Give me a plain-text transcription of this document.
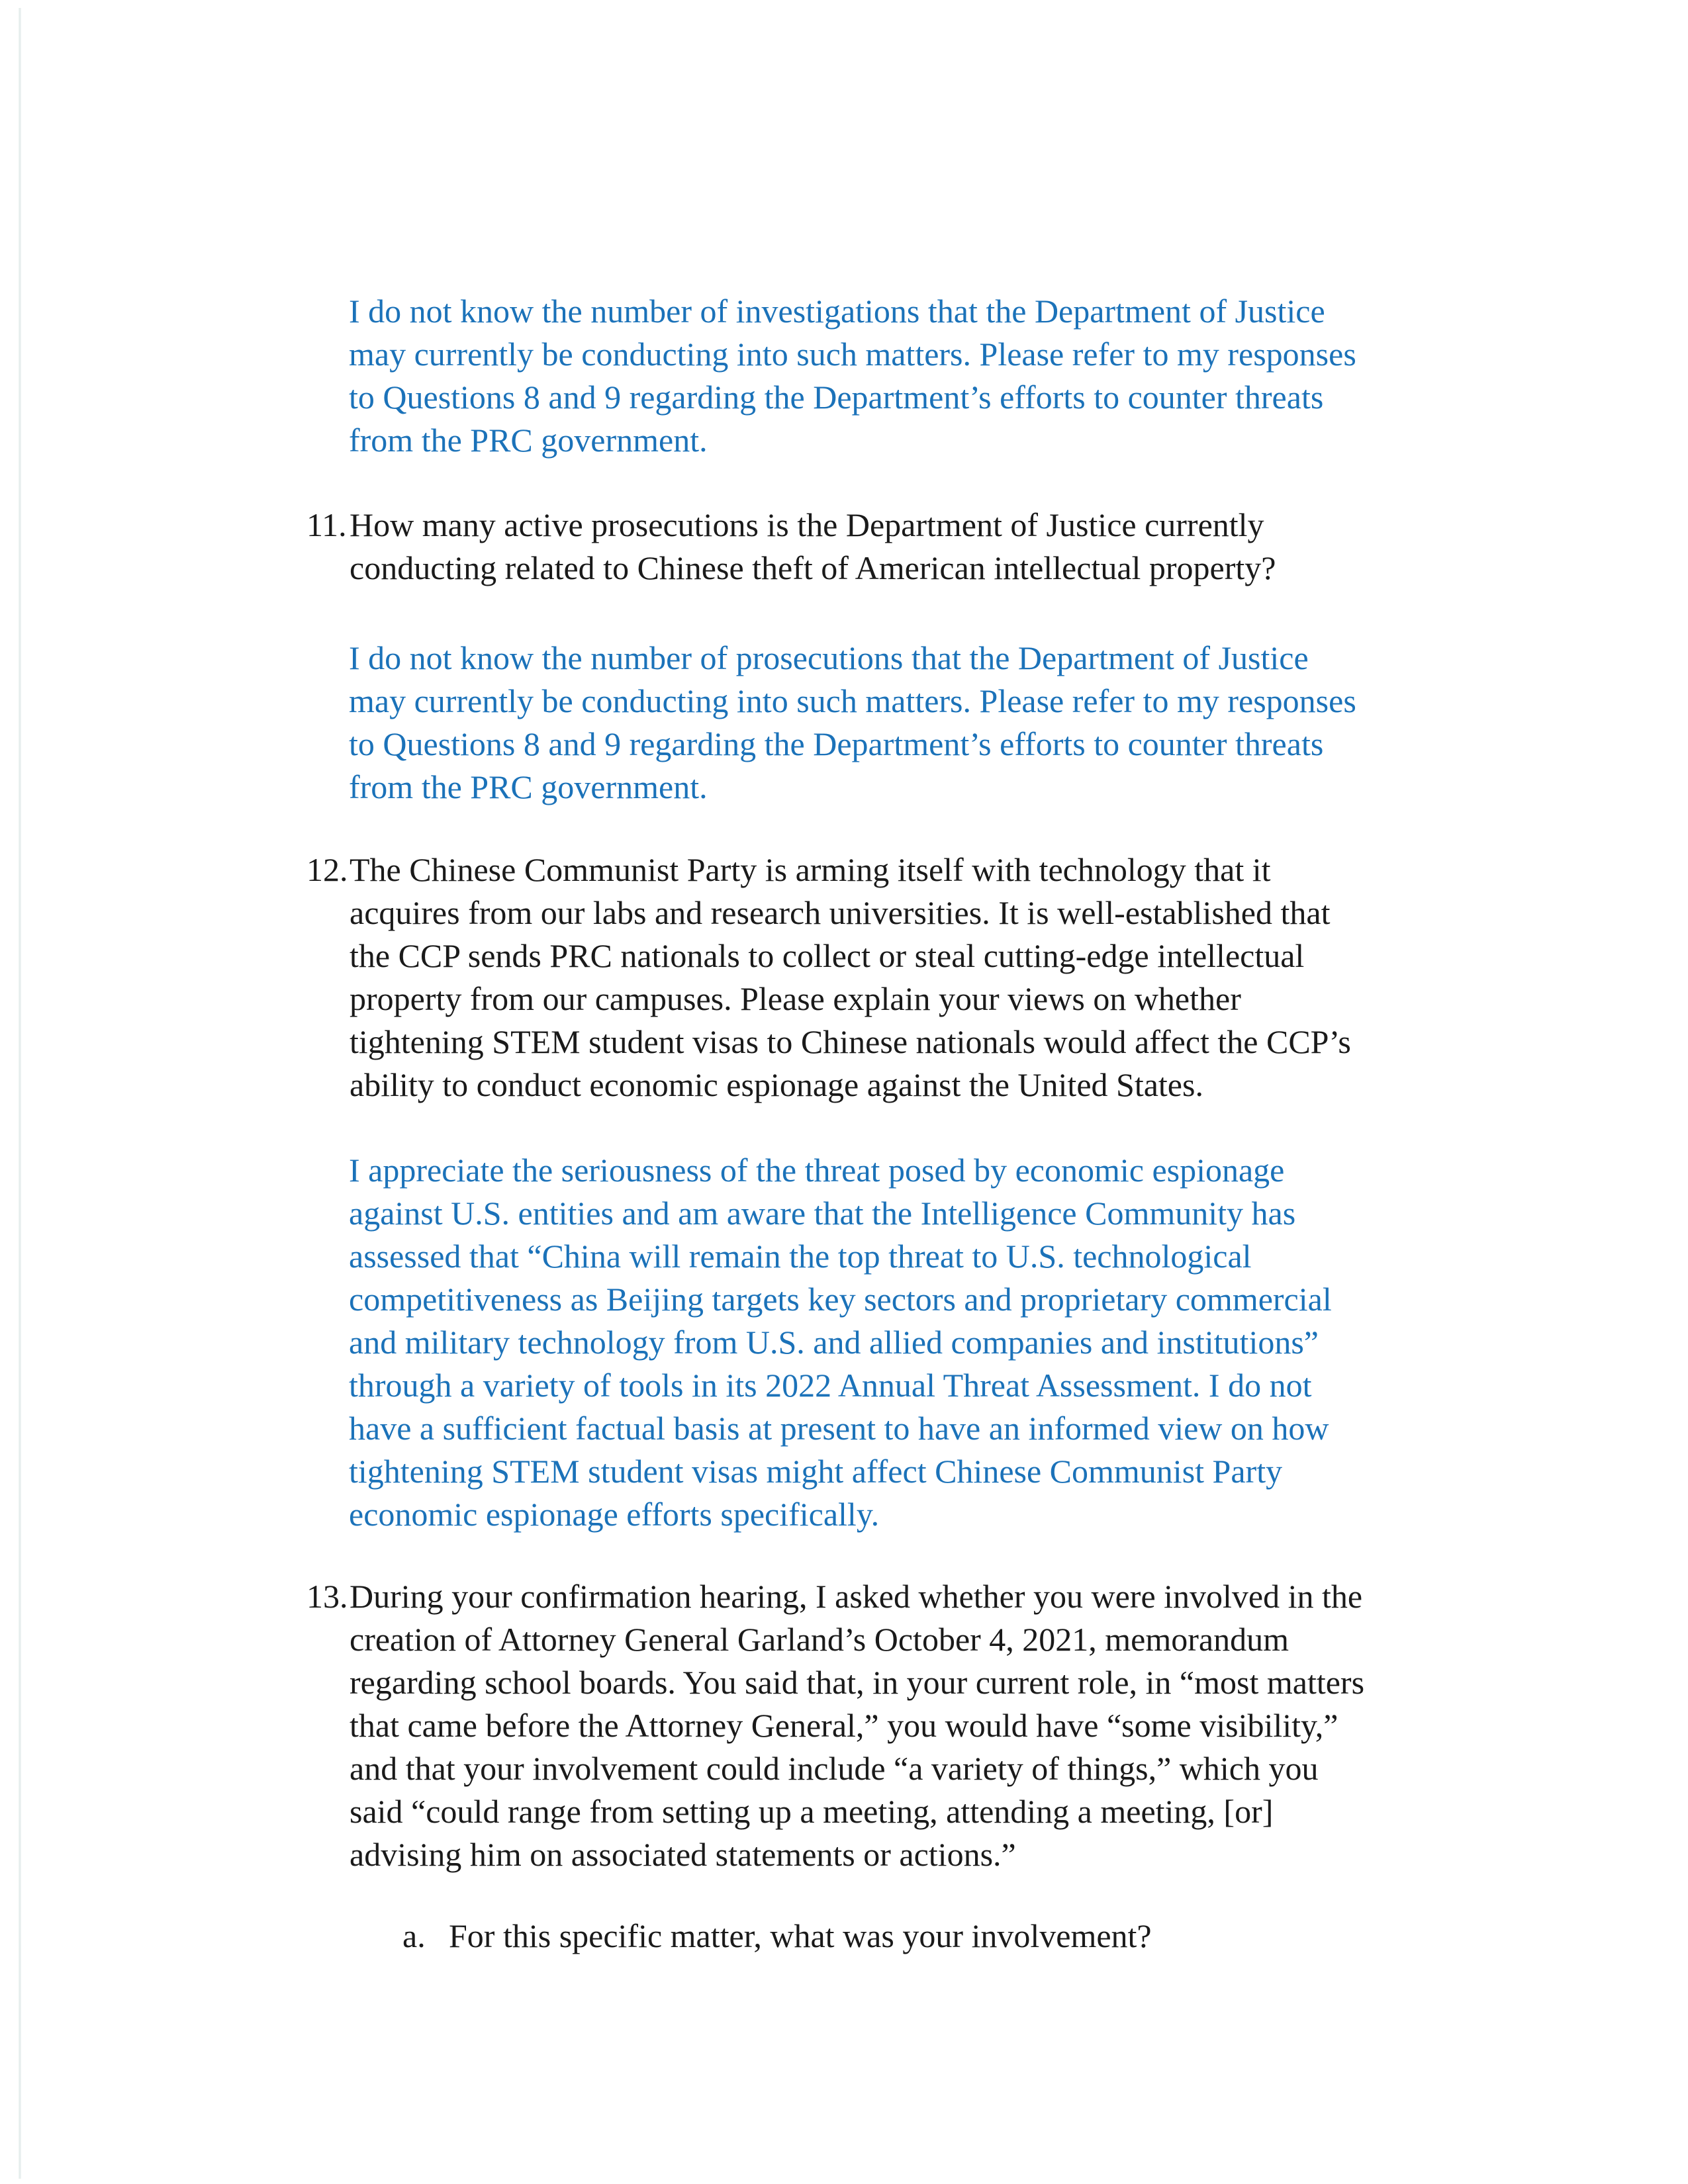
I do not know the number of investigations that the Department of Justice
may currently be conducting into such matters. Please refer to my responses
to Questions 8 and 9 regarding the Department’s efforts to counter threats
from the PRC government.
11. How many active prosecutions is the Department of Justice currently
conducting related to Chinese theft of American intellectual property?
I do not know the number of prosecutions that the Department of Justice
may currently be conducting into such matters. Please refer to my responses
to Questions 8 and 9 regarding the Department’s efforts to counter threats
from the PRC government.
12. The Chinese Communist Party is arming itself with technology that it
acquires from our labs and research universities. It is well-established that
the CCP sends PRC nationals to collect or steal cutting-edge intellectual
property from our campuses. Please explain your views on whether
tightening STEM student visas to Chinese nationals would affect the CCP’s
ability to conduct economic espionage against the United States.
I appreciate the seriousness of the threat posed by economic espionage
against U.S. entities and am aware that the Intelligence Community has
assessed that “China will remain the top threat to U.S. technological
competitiveness as Beijing targets key sectors and proprietary commercial
and military technology from U.S. and allied companies and institutions”
through a variety of tools in its 2022 Annual Threat Assessment. I do not
have a sufficient factual basis at present to have an informed view on how
tightening STEM student visas might affect Chinese Communist Party
economic espionage efforts specifically.
13. During your confirmation hearing, I asked whether you were involved in the
creation of Attorney General Garland’s October 4, 2021, memorandum
regarding school boards. You said that, in your current role, in “most matters
that came before the Attorney General,” you would have “some visibility,”
and that your involvement could include “a variety of things,” which you
said “could range from setting up a meeting, attending a meeting, [or]
advising him on associated statements or actions.”
a. For this specific matter, what was your involvement?
